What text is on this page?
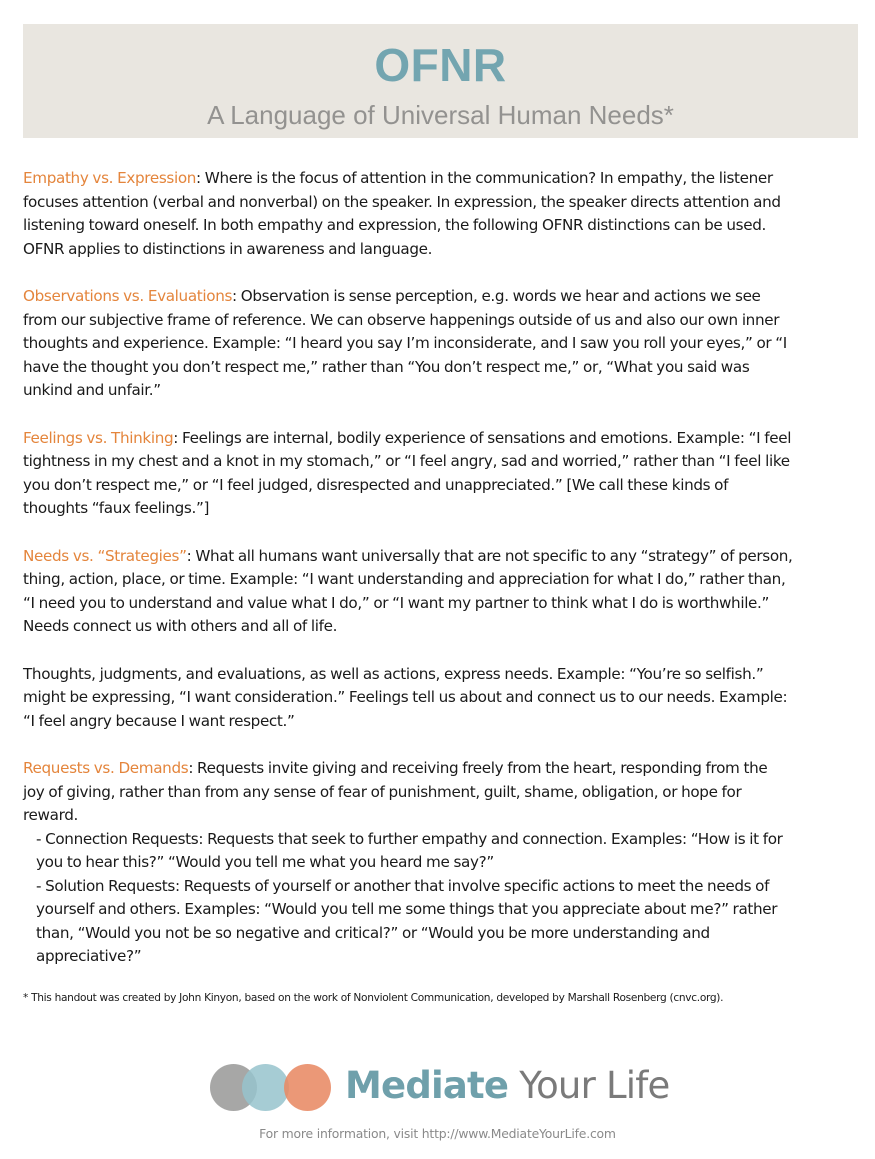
OFNR
A Language of Universal Human Needs*
Empathy vs. Expression: Where is the focus of attention in the communication? In empathy, the listener
focuses attention (verbal and nonverbal) on the speaker. In expression, the speaker directs attention and
listening toward oneself. In both empathy and expression, the following OFNR distinctions can be used.
OFNR applies to distinctions in awareness and language.
Observations vs. Evaluations: Observation is sense perception, e.g. words we hear and actions we see
from our subjective frame of reference. We can observe happenings outside of us and also our own inner
thoughts and experience. Example: “I heard you say I’m inconsiderate, and I saw you roll your eyes,” or “I
have the thought you don’t respect me,” rather than “You don’t respect me,” or, “What you said was
unkind and unfair.”
Feelings vs. Thinking: Feelings are internal, bodily experience of sensations and emotions. Example: “I feel
tightness in my chest and a knot in my stomach,” or “I feel angry, sad and worried,” rather than “I feel like
you don’t respect me,” or “I feel judged, disrespected and unappreciated.” [We call these kinds of
thoughts “faux feelings.”]
Needs vs. “Strategies”: What all humans want universally that are not specific to any “strategy” of person,
thing, action, place, or time. Example: “I want understanding and appreciation for what I do,” rather than,
“I need you to understand and value what I do,” or “I want my partner to think what I do is worthwhile.”
Needs connect us with others and all of life.
Thoughts, judgments, and evaluations, as well as actions, express needs. Example: “You’re so selfish.”
might be expressing, “I want consideration.” Feelings tell us about and connect us to our needs. Example:
“I feel angry because I want respect.”
Requests vs. Demands: Requests invite giving and receiving freely from the heart, responding from the
joy of giving, rather than from any sense of fear of punishment, guilt, shame, obligation, or hope for
reward.
- Connection Requests: Requests that seek to further empathy and connection. Examples: “How is it for
you to hear this?” “Would you tell me what you heard me say?”
- Solution Requests: Requests of yourself or another that involve specific actions to meet the needs of
yourself and others. Examples: “Would you tell me some things that you appreciate about me?” rather
than, “Would you not be so negative and critical?” or “Would you be more understanding and
appreciative?”
* This handout was created by John Kinyon, based on the work of Nonviolent Communication, developed by Marshall Rosenberg (cnvc.org).
Mediate Your Life
For more information, visit http://www.MediateYourLife.com
